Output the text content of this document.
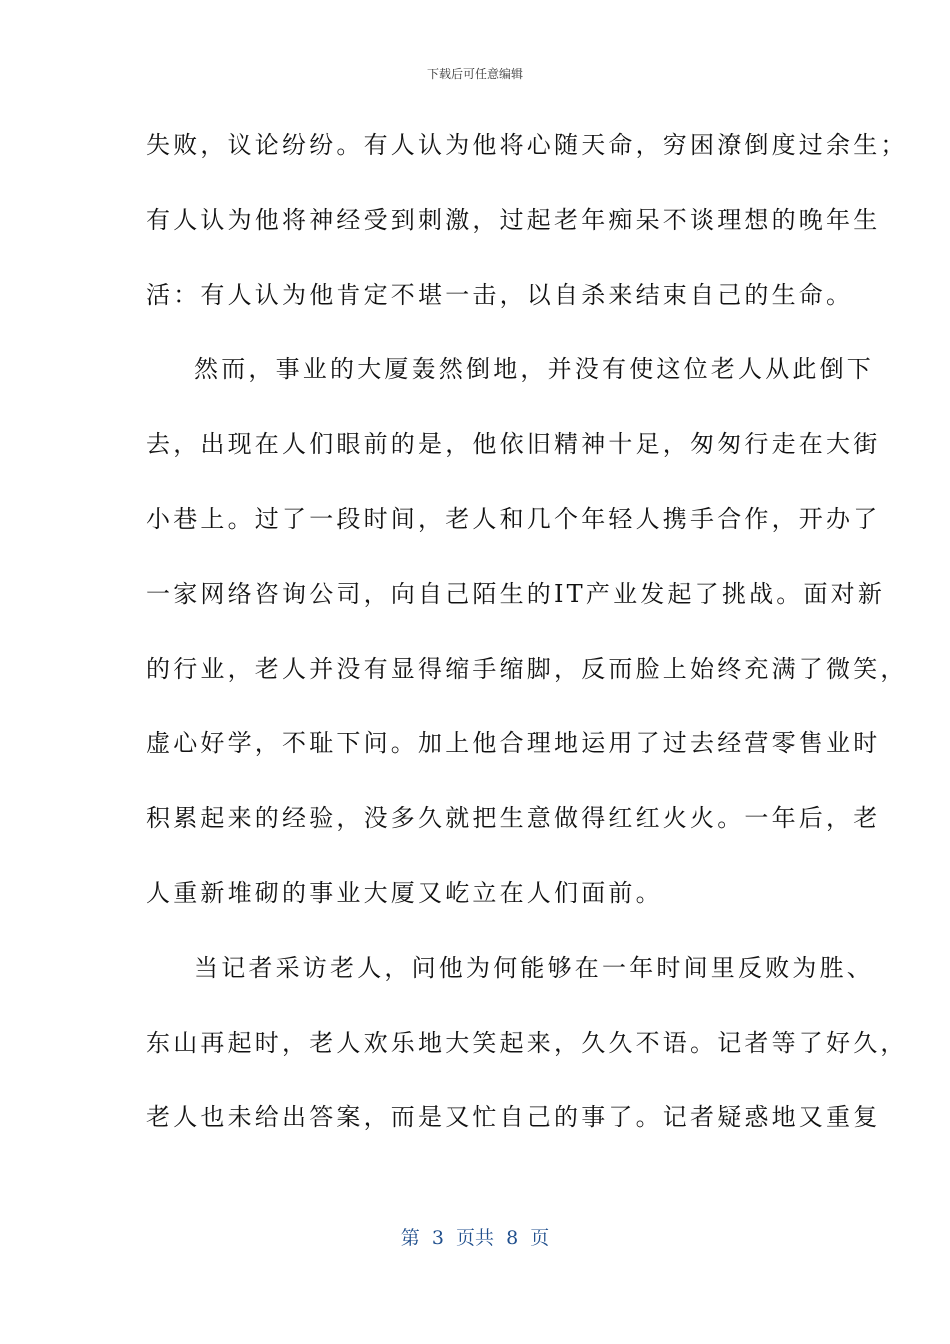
下载后可任意编辑
失败，议论纷纷。有人认为他将心随天命，穷困潦倒度过余生；
有人认为他将神经受到刺激，过起老年痴呆不谈理想的晚年生
活：有人认为他肯定不堪一击，以自杀来结束自己的生命。
然而，事业的大厦轰然倒地，并没有使这位老人从此倒下
去，出现在人们眼前的是，他依旧精神十足，匆匆行走在大街
小巷上。过了一段时间，老人和几个年轻人携手合作，开办了
一家网络咨询公司，向自己陌生的IT产业发起了挑战。面对新
的行业，老人并没有显得缩手缩脚，反而脸上始终充满了微笑，
虚心好学，不耻下问。加上他合理地运用了过去经营零售业时
积累起来的经验，没多久就把生意做得红红火火。一年后，老
人重新堆砌的事业大厦又屹立在人们面前。
当记者采访老人，问他为何能够在一年时间里反败为胜、
东山再起时，老人欢乐地大笑起来，久久不语。记者等了好久，
老人也未给出答案，而是又忙自己的事了。记者疑惑地又重复
第  3  页共  8  页
